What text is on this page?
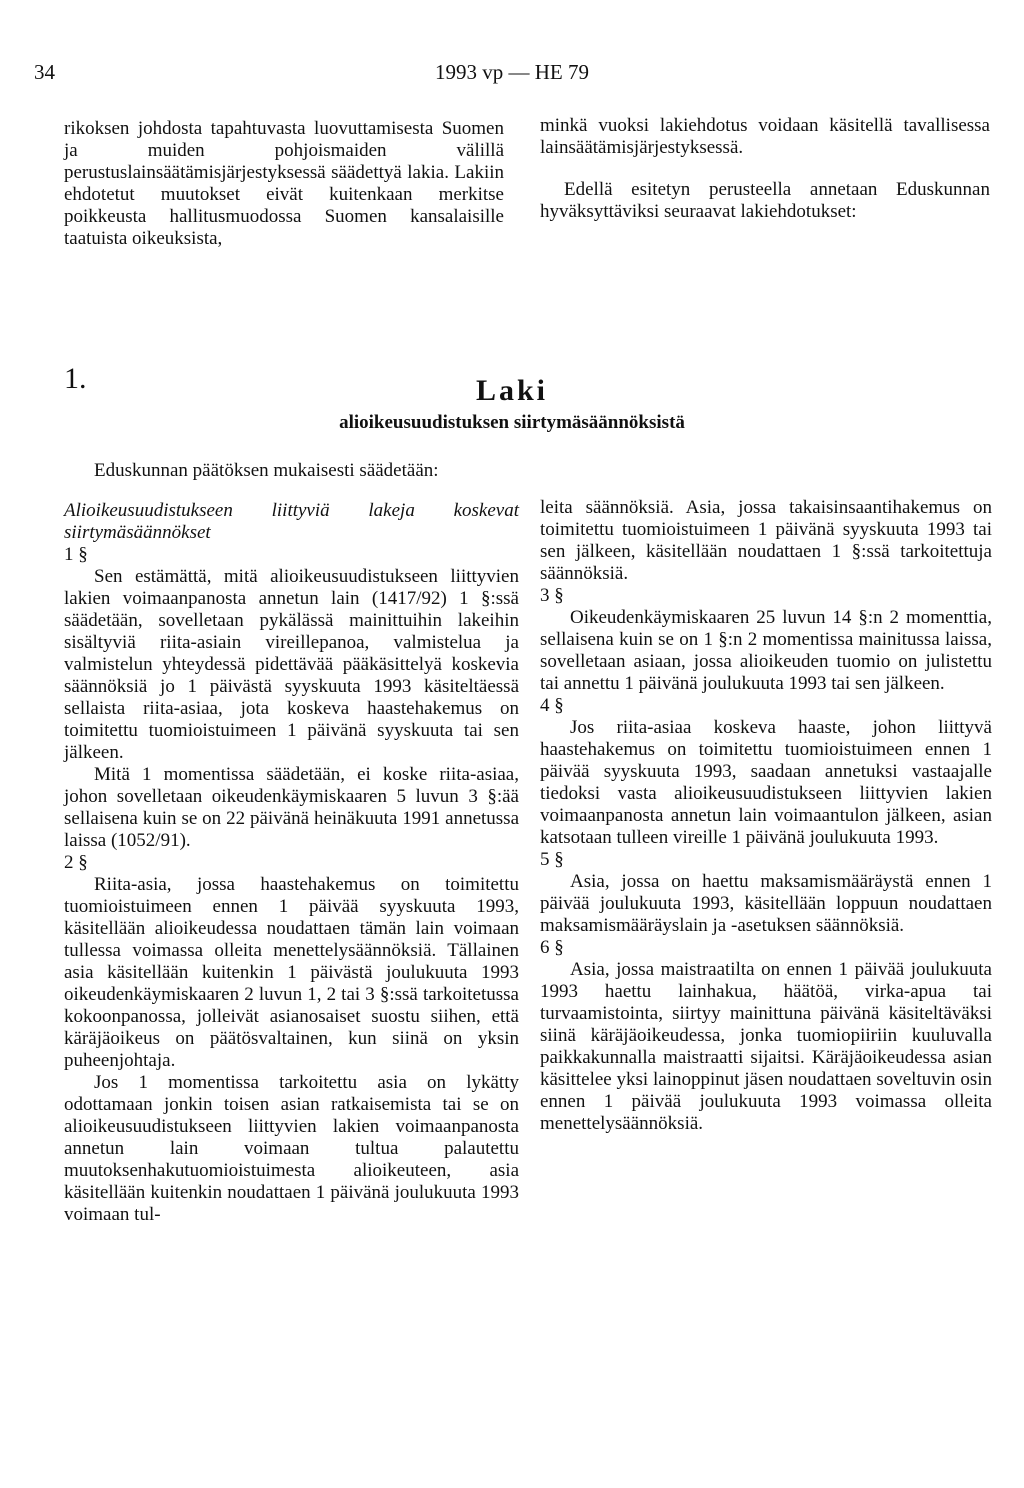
34	1993 vp — HE 79

rikoksen johdosta tapahtuvasta luovuttamisesta Suomen ja muiden pohjoismaiden välillä perustuslainsäätämisjärjestyksessä säädettyä lakia. Lakiin ehdotetut muutokset eivät kuitenkaan merkitse poikkeusta hallitusmuodossa Suomen kansalaisille taatuista oikeuksista,

minkä vuoksi lakiehdotus voidaan käsitellä tavallisessa lainsäätämisjärjestyksessä.

Edellä esitetyn perusteella annetaan Eduskunnan hyväksyttäviksi seuraavat lakiehdotukset:

1.	Laki
alioikeusuudistuksen siirtymäsäännöksistä
Eduskunnan päätöksen mukaisesti säädetään:

Alioikeusuudistukseen liittyviä lakeja koskevat siirtymäsäännökset

1 §

Sen estämättä, mitä alioikeusuudistukseen liittyvien lakien voimaanpanosta annetun lain (1417/92) 1 §:ssä säädetään, sovelletaan pykälässä mainittuihin lakeihin sisältyviä riita-asiain vireillepanoa, valmistelua ja valmistelun yhteydessä pidettävää pääkäsittelyä koskevia säännöksiä jo 1 päivästä syyskuuta 1993 käsiteltäessä sellaista riita-asiaa, jota koskeva haastehakemus on toimitettu tuomioistuimeen 1 päivänä syyskuuta tai sen jälkeen.

Mitä 1 momentissa säädetään, ei koske riita-asiaa, johon sovelletaan oikeudenkäymiskaaren 5 luvun 3 §:ää sellaisena kuin se on 22 päivänä heinäkuuta 1991 annetussa laissa (1052/91).

2 §

Riita-asia, jossa haastehakemus on toimitettu tuomioistuimeen ennen 1 päivää syyskuuta 1993, käsitellään alioikeudessa noudattaen tämän lain voimaan tullessa voimassa olleita menettelysäännöksiä. Tällainen asia käsitellään kuitenkin 1 päivästä joulukuuta 1993 oikeudenkäymiskaaren 2 luvun 1, 2 tai 3 §:ssä tarkoitetussa kokoonpanossa, jolleivät asianosaiset suostu siihen, että käräjäoikeus on päätösvaltainen, kun siinä on yksin puheenjohtaja.

Jos 1 momentissa tarkoitettu asia on lykätty odottamaan jonkin toisen asian ratkaisemista tai se on alioikeusuudistukseen liittyvien lakien voimaanpanosta annetun lain voimaan tultua palautettu muutoksenhakutuomioistuimesta alioikeuteen, asia käsitellään kuitenkin noudattaen 1 päivänä joulukuuta 1993 voimaan tul-

leita säännöksiä. Asia, jossa takaisinsaantihakemus on toimitettu tuomioistuimeen 1 päivänä syyskuuta 1993 tai sen jälkeen, käsitellään noudattaen 1 §:ssä tarkoitettuja säännöksiä.

3 §

Oikeudenkäymiskaaren 25 luvun 14 §:n 2 momenttia, sellaisena kuin se on 1 §:n 2 momentissa mainitussa laissa, sovelletaan asiaan, jossa alioikeuden tuomio on julistettu tai annettu 1 päivänä joulukuuta 1993 tai sen jälkeen.

4 §

Jos riita-asiaa koskeva haaste, johon liittyvä haastehakemus on toimitettu tuomioistuimeen ennen 1 päivää syyskuuta 1993, saadaan annetuksi vastaajalle tiedoksi vasta alioikeusuudistukseen liittyvien lakien voimaanpanosta annetun lain voimaantulon jälkeen, asian katsotaan tulleen vireille 1 päivänä joulukuuta 1993.

5 §

Asia, jossa on haettu maksamismääräystä ennen 1 päivää joulukuuta 1993, käsitellään loppuun noudattaen maksamismääräyslain ja -asetuksen säännöksiä.

6 §

Asia, jossa maistraatilta on ennen 1 päivää joulukuuta 1993 haettu lainhakua, häätöä, virka-apua tai turvaamistointa, siirtyy mainittuna päivänä käsiteltäväksi siinä käräjäoikeudessa, jonka tuomiopiiriin kuuluvalla paikkakunnalla maistraatti sijaitsi. Käräjäoikeudessa asian käsittelee yksi lainoppinut jäsen noudattaen soveltuvin osin ennen 1 päivää joulukuuta 1993 voimassa olleita menettelysäännöksiä.
